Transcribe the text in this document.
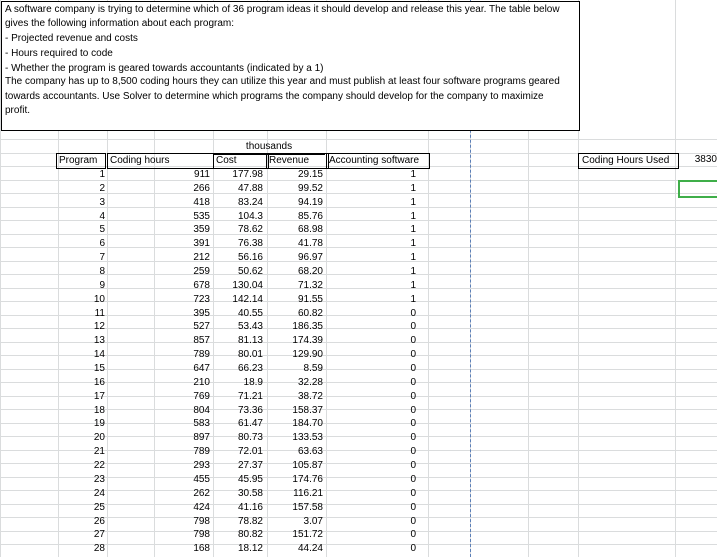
A software company is trying to determine which of 36 program ideas it should develop and release this year. The table below
gives the following information about each program:
- Projected revenue and costs
- Hours required to code
- Whether the program is geared towards accountants (indicated by a 1)
The company has up to 8,500 coding hours they can utilize this year and must publish at least four software programs geared
towards accountants. Use Solver to determine which programs the company should develop for the company to maximize
profit.
thousands
Program	Coding hours	Cost	Revenue	Accounting software
1	911	177.98	29.15	1
2	266	47.88	99.52	1
3	418	83.24	94.19	1
4	535	104.3	85.76	1
5	359	78.62	68.98	1
6	391	76.38	41.78	1
7	212	56.16	96.97	1
8	259	50.62	68.20	1
9	678	130.04	71.32	1
10	723	142.14	91.55	1
11	395	40.55	60.82	0
12	527	53.43	186.35	0
13	857	81.13	174.39	0
14	789	80.01	129.90	0
15	647	66.23	8.59	0
16	210	18.9	32.28	0
17	769	71.21	38.72	0
18	804	73.36	158.37	0
19	583	61.47	184.70	0
20	897	80.73	133.53	0
21	789	72.01	63.63	0
22	293	27.37	105.87	0
23	455	45.95	174.76	0
24	262	30.58	116.21	0
25	424	41.16	157.58	0
26	798	78.82	3.07	0
27	798	80.82	151.72	0
28	168	18.12	44.24	0
Coding Hours Used	3830
